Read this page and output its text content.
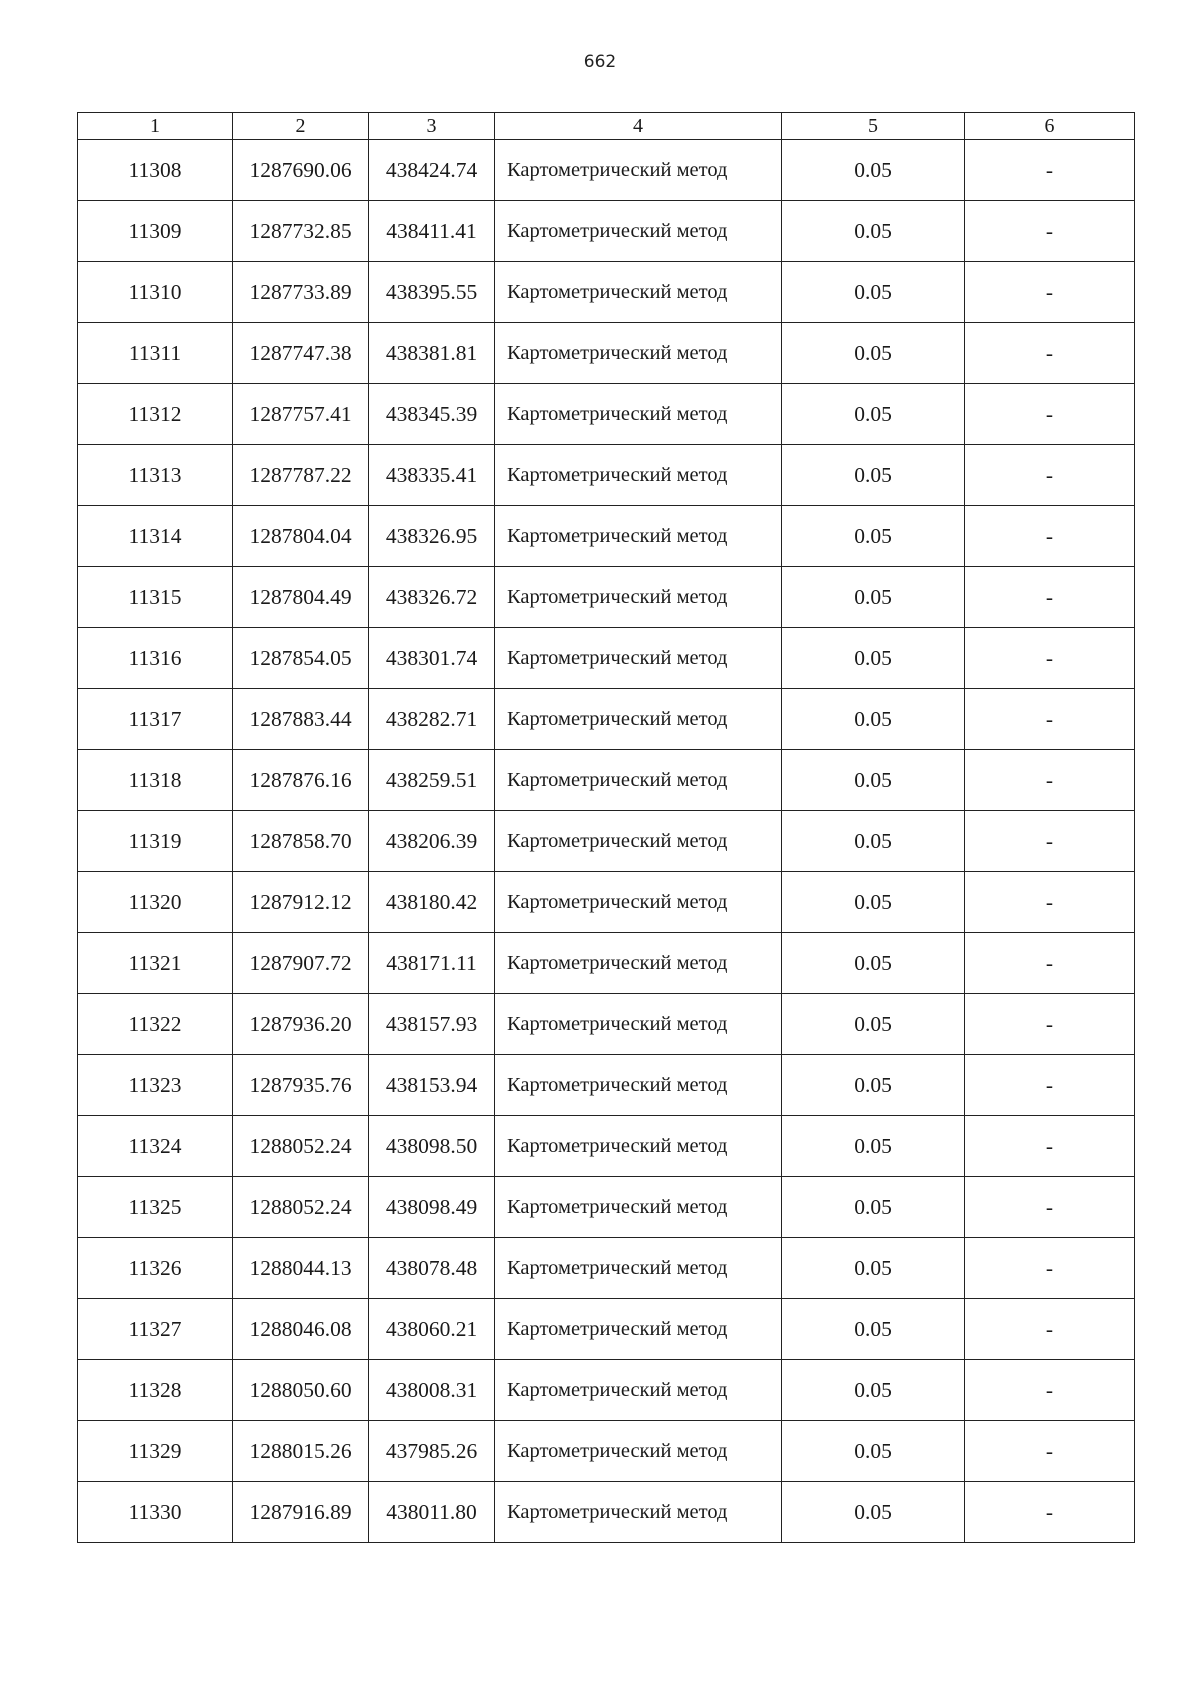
662
1	2	3	4	5	6
11308	1287690.06	438424.74	Картометрический метод	0.05	-
11309	1287732.85	438411.41	Картометрический метод	0.05	-
11310	1287733.89	438395.55	Картометрический метод	0.05	-
11311	1287747.38	438381.81	Картометрический метод	0.05	-
11312	1287757.41	438345.39	Картометрический метод	0.05	-
11313	1287787.22	438335.41	Картометрический метод	0.05	-
11314	1287804.04	438326.95	Картометрический метод	0.05	-
11315	1287804.49	438326.72	Картометрический метод	0.05	-
11316	1287854.05	438301.74	Картометрический метод	0.05	-
11317	1287883.44	438282.71	Картометрический метод	0.05	-
11318	1287876.16	438259.51	Картометрический метод	0.05	-
11319	1287858.70	438206.39	Картометрический метод	0.05	-
11320	1287912.12	438180.42	Картометрический метод	0.05	-
11321	1287907.72	438171.11	Картометрический метод	0.05	-
11322	1287936.20	438157.93	Картометрический метод	0.05	-
11323	1287935.76	438153.94	Картометрический метод	0.05	-
11324	1288052.24	438098.50	Картометрический метод	0.05	-
11325	1288052.24	438098.49	Картометрический метод	0.05	-
11326	1288044.13	438078.48	Картометрический метод	0.05	-
11327	1288046.08	438060.21	Картометрический метод	0.05	-
11328	1288050.60	438008.31	Картометрический метод	0.05	-
11329	1288015.26	437985.26	Картометрический метод	0.05	-
11330	1287916.89	438011.80	Картометрический метод	0.05	-
